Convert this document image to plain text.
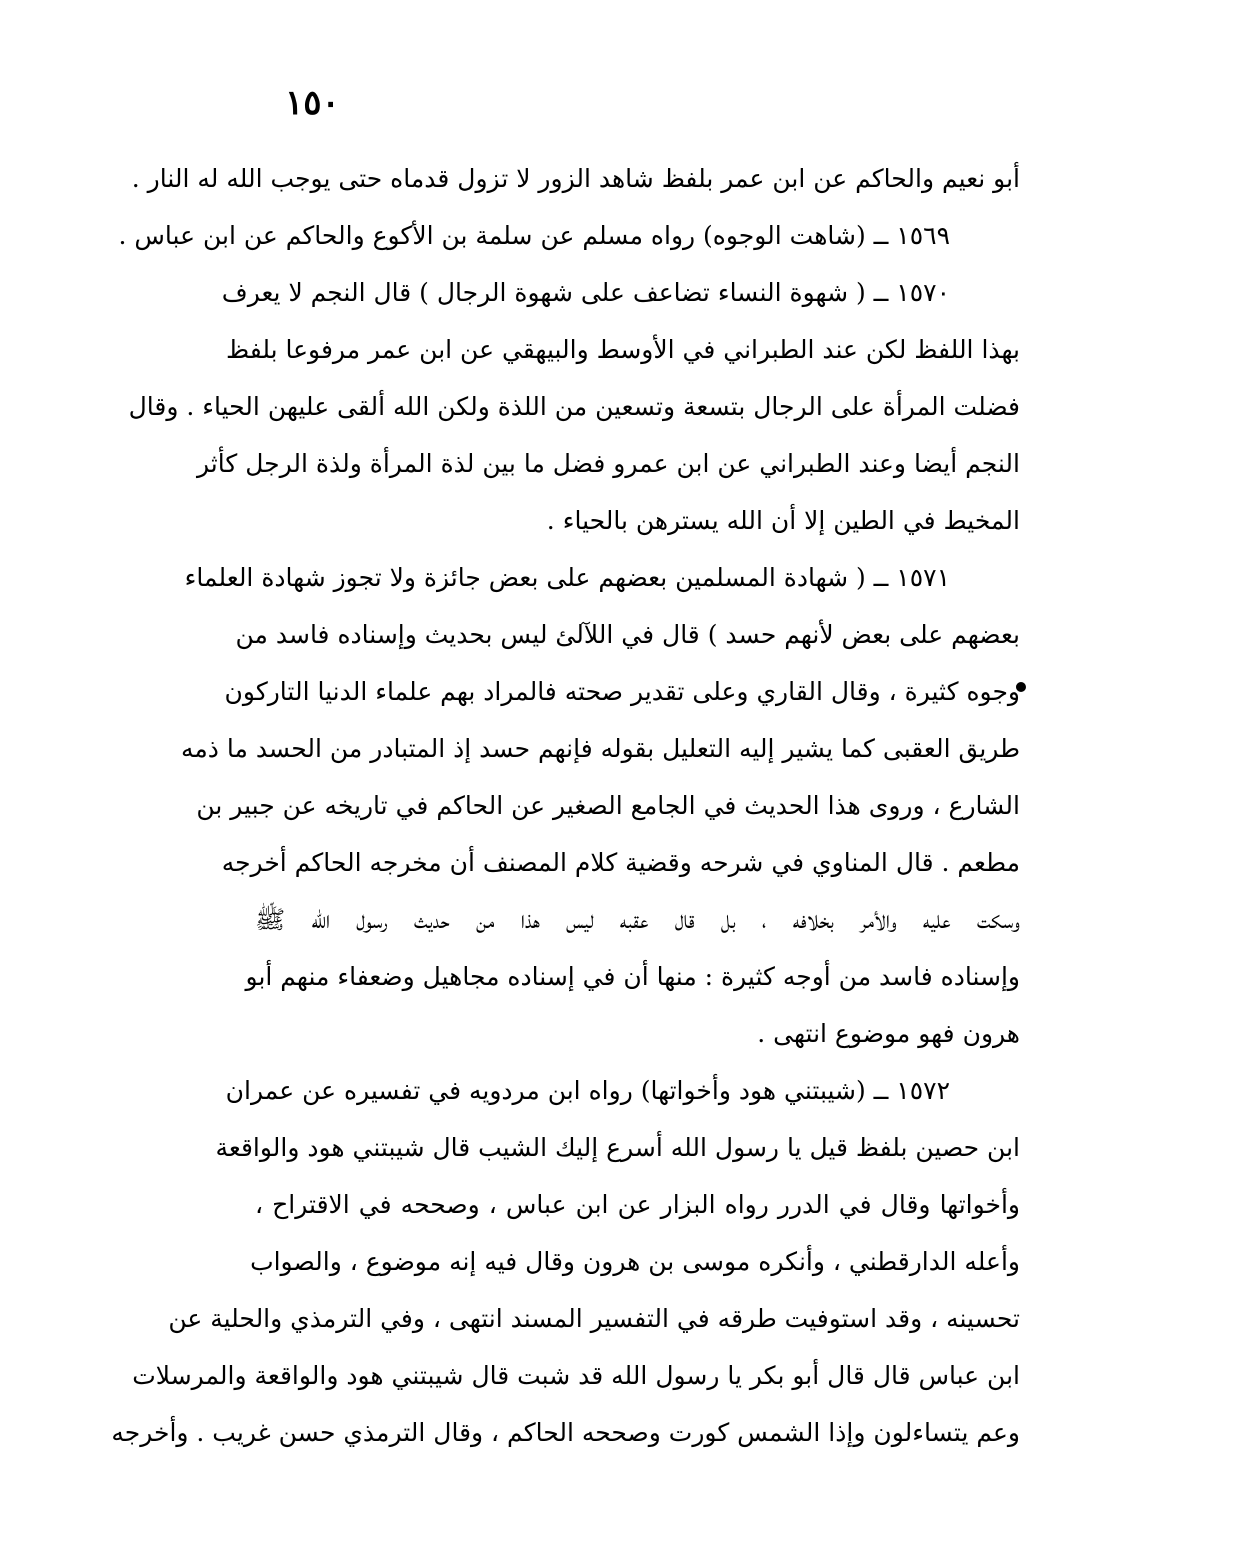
١٥٠
أبو نعيم والحاكم عن ابن عمر بلفظ شاهد الزور لا تزول قدماه حتى يوجب الله له النار .
١٥٦٩ ــ (شاهت الوجوه) رواه مسلم عن سلمة بن الأكوع والحاكم عن ابن عباس .
١٥٧٠ ــ ( شهوة النساء تضاعف على شهوة الرجال ) قال النجم لا يعرف
بهذا اللفظ لكن عند الطبراني في الأوسط والبيهقي عن ابن عمر مرفوعا بلفظ
فضلت المرأة على الرجال بتسعة وتسعين من اللذة ولكن الله ألقى عليهن الحياء . وقال
النجم أيضا وعند الطبراني عن ابن عمرو فضل ما بين لذة المرأة ولذة الرجل كأثر
المخيط في الطين إلا أن الله يسترهن بالحياء .
١٥٧١ ــ ( شهادة المسلمين بعضهم على بعض جائزة ولا تجوز شهادة العلماء
بعضهم على بعض لأنهم حسد ) قال في اللآلئ ليس بحديث وإسناده فاسد من
وجوه كثيرة ، وقال القاري وعلى تقدير صحته فالمراد بهم علماء الدنيا التاركون
طريق العقبى كما يشير إليه التعليل بقوله فإنهم حسد إذ المتبادر من الحسد ما ذمه
الشارع ، وروى هذا الحديث في الجامع الصغير عن الحاكم في تاريخه عن جبير بن
مطعم . قال المناوي في شرحه وقضية كلام المصنف أن مخرجه الحاكم أخرجه
وسكت عليه والأمر بخلافه ، بل قال عقبه ليس هذا من حديث رسول الله ﷺ
وإسناده فاسد من أوجه كثيرة : منها أن في إسناده مجاهيل وضعفاء منهم أبو
هرون فهو موضوع انتهى .
١٥٧٢ ــ (شيبتني هود وأخواتها) رواه ابن مردويه في تفسيره عن عمران
ابن حصين بلفظ قيل يا رسول الله أسرع إليك الشيب قال شيبتني هود والواقعة
وأخواتها وقال في الدرر رواه البزار عن ابن عباس ، وصححه في الاقتراح ،
وأعله الدارقطني ، وأنكره موسى بن هرون وقال فيه إنه موضوع ، والصواب
تحسينه ، وقد استوفيت طرقه في التفسير المسند انتهى ، وفي الترمذي والحلية عن
ابن عباس قال قال أبو بكر يا رسول الله قد شبت قال شيبتني هود والواقعة والمرسلات
وعم يتساءلون وإذا الشمس كورت وصححه الحاكم ، وقال الترمذي حسن غريب . وأخرجه
